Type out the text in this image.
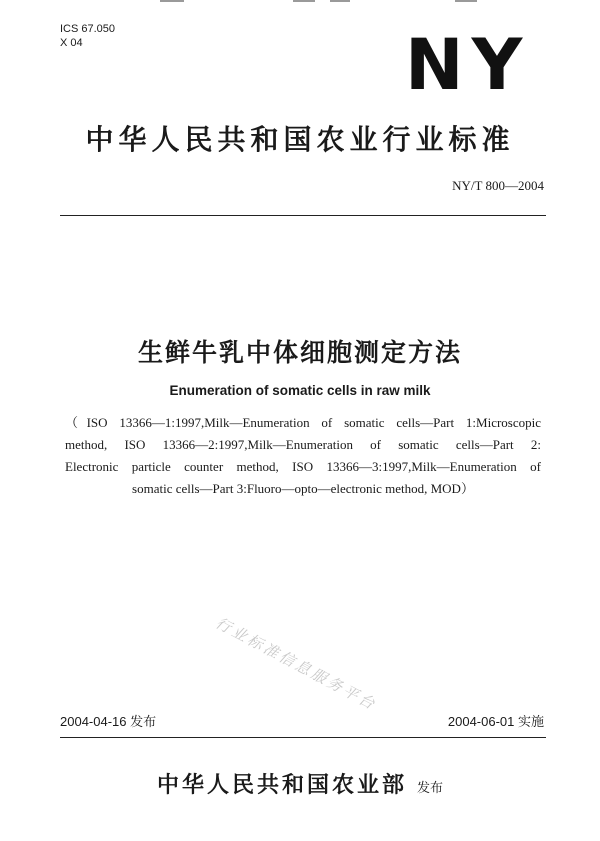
ICS 67.050
X 04	NY
中华人民共和国农业行业标准
NY/T 800—2004
生鲜牛乳中体细胞测定方法
Enumeration of somatic cells in raw milk
（ISO 13366—1:1997,Milk—Enumeration of somatic cells—Part 1:Microscopic
method, ISO 13366—2:1997,Milk—Enumeration of somatic cells—Part 2:
Electronic particle counter method, ISO 13366—3:1997,Milk—Enumeration of
somatic cells—Part 3:Fluoro—opto—electronic method, MOD）
行业标准信息服务平台
2004-04-16 发布	2004-06-01 实施
中华人民共和国农业部 发布
